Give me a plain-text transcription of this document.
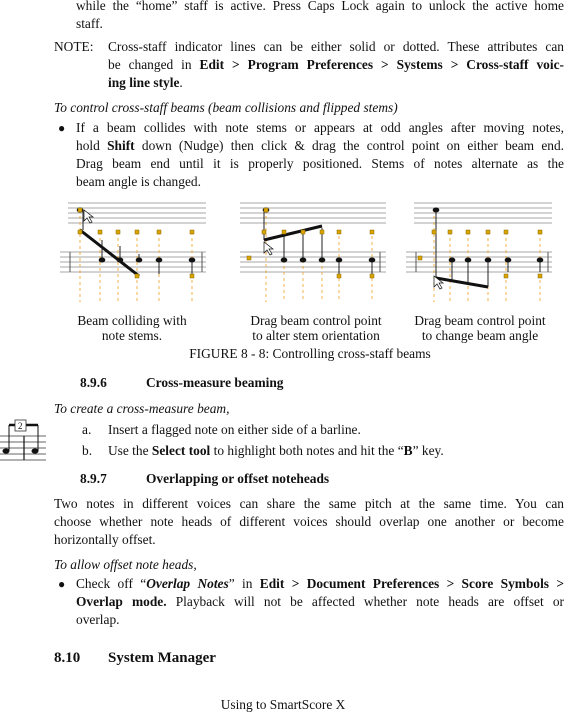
while the “home” staff is active. Press Caps Lock again to unlock the active home
staff.
NOTE: Cross-staff indicator lines can be either solid or dotted. These attributes can
be changed in Edit > Program Preferences > Systems > Cross-staff voic-
ing line style.
To control cross-staff beams (beam collisions and flipped stems)
● If a beam collides with note stems or appears at odd angles after moving notes,
hold Shift down (Nudge) then click & drag the control point on either beam end.
Drag beam end until it is properly positioned. Stems of notes alternate as the
beam angle is changed.
Beam colliding with
note stems.
Drag beam control point
to alter stem orientation
Drag beam control point
to change beam angle
FIGURE 8 - 8: Controlling cross-staff beams
8.9.6	Cross-measure beaming
2
To create a cross-measure beam,
a. Insert a flagged note on either side of a barline.
b. Use the Select tool to highlight both notes and hit the “B” key.
8.9.7	Overlapping or offset noteheads
Two notes in different voices can share the same pitch at the same time. You can
choose whether note heads of different voices should overlap one another or become
horizontally offset.
To allow offset note heads,
● Check off “Overlap Notes” in Edit > Document Preferences > Score Symbols >
Overlap mode. Playback will not be affected whether note heads are offset or
overlap.
8.10 System Manager
Using to SmartScore X
